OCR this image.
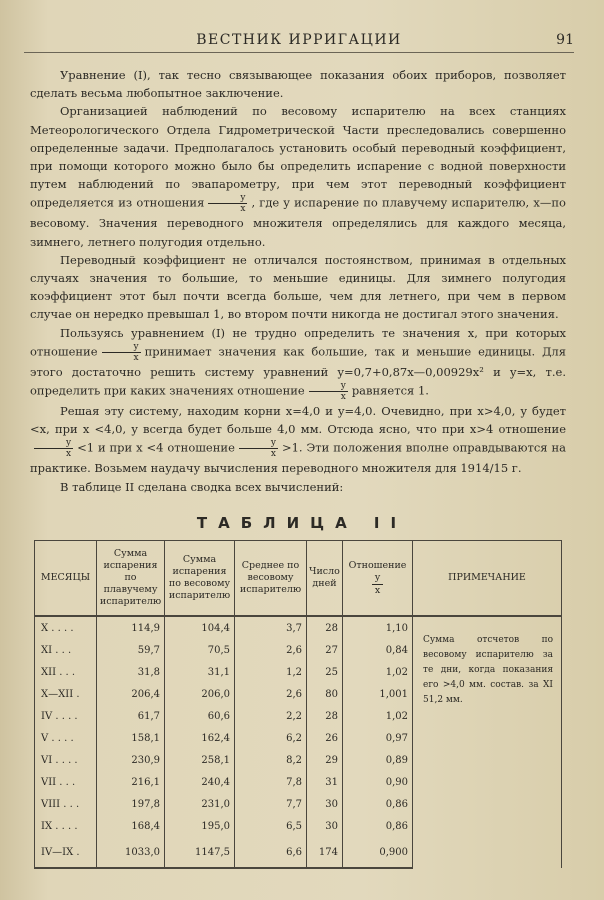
ВЕСТНИК ИРРИГАЦИИ	91

Уравнение (I), так тесно связывающее показания обоих приборов, позволяет сделать весьма любопытное заключение.

Организацией наблюдений по весовому испарителю на всех станциях Метеорологического Отдела Гидрометрической Части преследовались совершенно определенные задачи. Предполагалось установить особый переводный коэффициент, при помощи которого можно было бы определить испарение с водной поверхности путем наблюдений по эвапарометру, при чем этот переводный коэффициент определяется из отношения $\frac{y}{x}$ , где y испарение по плавучему испарителю, x—по весовому. Значения переводного множителя определялись для каждого месяца, зимнего, летнего полугодия отдельно.

Переводный коэффициент не отличался постоянством, принимая в отдельных случаях значения то большие, то меньшие единицы. Для зимнего полугодия коэффициент этот был почти всегда больше, чем для летнего, при чем в первом случае он нередко превышал 1, во втором почти никогда не достигал этого значения.

Пользуясь уравнением (I) не трудно определить те значения x, при которых отношение $\frac{y}{x}$ принимает значения как большие, так и меньшие единицы. Для этого достаточно решить систему уравнений y=0,7+0,87x—0,00929x² и y=x, т.е. определить при каких значениях отношение $\frac{y}{x}$ равняется 1.

Решая эту систему, находим корни x=4,0 и y=4,0. Очевидно, при x>4,0, y будет <x, при x <4,0, y всегда будет больше 4,0 мм. Отсюда ясно, что при x>4 отношение
$\frac{y}{x} <1$ и при x <4 отношение $\frac{y}{x} >1$. Эти положения вполне оправдываются на практике. Возьмем наудачу вычисления переводного множителя для 1914/15 г.

В таблице II сделана сводка всех вычислений:

ТАБЛИЦА II
МЕСЯЦЫ	Сумма испарения по плавучему испарителю	Сумма испарения по весовому испарителю	Среднее по весовому испарителю	Число дней	Отношение
$\frac{y}{x}$	ПРИМЕЧАНИЕ
X . . . .	114,9	104,4	3,7	28	1,10	Сумма отсчетов по весовому испарителю за те дни, когда показания его >4,0 мм. состав. за XI 51,2 мм.
XI . . .	59,7	70,5	2,6	27	0,84	
XII . . .	31,8	31,1	1,2	25	1,02	
X—XII .	206,4	206,0	2,6	80	1,001	
IV . . . .	61,7	60,6	2,2	28	1,02	
V . . . .	158,1	162,4	6,2	26	0,97	
VI . . . .	230,9	258,1	8,2	29	0,89	
VII . . .	216,1	240,4	7,8	31	0,90	
VIII . . .	197,8	231,0	7,7	30	0,86	
IX . . . .	168,4	195,0	6,5	30	0,86	
IV—IX .	1033,0	1147,5	6,6	174	0,900	
